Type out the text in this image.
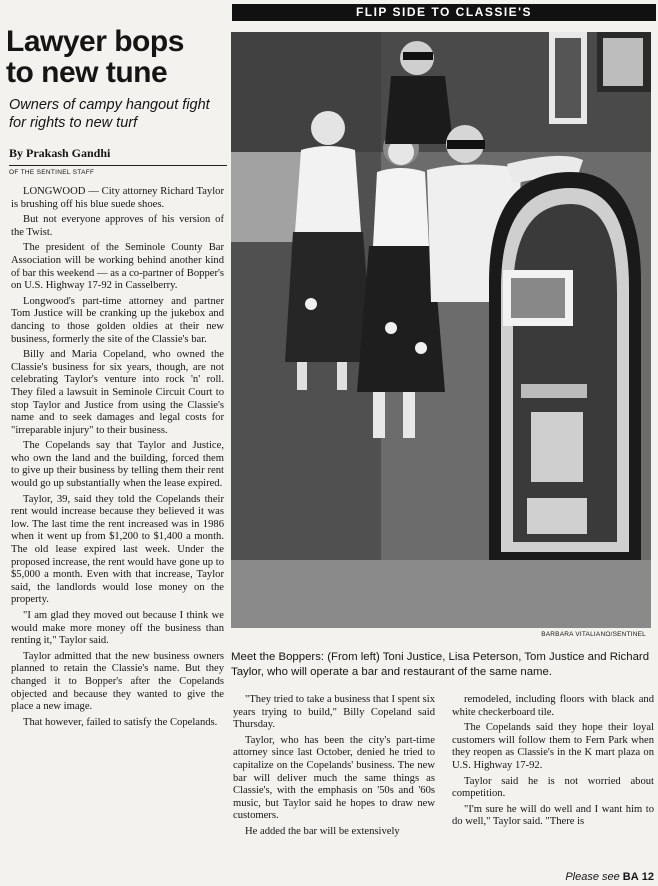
FLIP SIDE TO CLASSIE'S
Lawyer bops
to new tune

Owners of campy hangout fight for rights to new turf

By Prakash Gandhi
OF THE SENTINEL STAFF

LONGWOOD — City attorney Richard Taylor is brushing off his blue suede shoes.

But not everyone approves of his version of the Twist.

The president of the Seminole County Bar Association will be working behind another kind of bar this weekend — as a co-partner of Bopper's on U.S. Highway 17-92 in Casselberry.

Longwood's part-time attorney and partner Tom Justice will be cranking up the jukebox and dancing to those golden oldies at their new business, formerly the site of the Classie's bar.

Billy and Maria Copeland, who owned the Classie's business for six years, though, are not celebrating Taylor's venture into rock 'n' roll. They filed a lawsuit in Seminole Circuit Court to stop Taylor and Justice from using the Classie's name and to seek damages and legal costs for "irreparable injury" to their business.

The Copelands say that Taylor and Justice, who own the land and the building, forced them to give up their business by telling them their rent would go up substantially when the lease expired.

Taylor, 39, said they told the Copelands their rent would increase because they believed it was low. The last time the rent increased was in 1986 when it went up from $1,200 to $1,400 a month. The old lease expired last week. Under the proposed increase, the rent would have gone up to $5,000 a month. Even with that increase, Taylor said, the landlords would lose money on the property.

"I am glad they moved out because I think we would make more money off the business than renting it," Taylor said.

Taylor admitted that the new business owners planned to retain the Classie's name. But they changed it to Bopper's after the Copelands objected and because they wanted to give the place a new image.

That however, failed to satisfy the Copelands.

BARBARA VITALIANO/SENTINEL

Meet the Boppers: (From left) Toni Justice, Lisa Peterson, Tom Justice and Richard Taylor, who will operate a bar and restaurant of the same name.

"They tried to take a business that I spent six years trying to build," Billy Copeland said Thursday.

Taylor, who has been the city's part-time attorney since last October, denied he tried to capitalize on the Copelands' business. The new bar will deliver much the same things as Classie's, with the emphasis on '50s and '60s music, but Taylor said he hopes to draw new customers.

He added the bar will be extensively

remodeled, including floors with black and white checkerboard tile.

The Copelands said they hope their loyal customers will follow them to Fern Park when they reopen as Classie's in the K mart plaza on U.S. Highway 17-92.

Taylor said he is not worried about competition.

"I'm sure he will do well and I want him to do well," Taylor said. "There is

Please see BA 12
